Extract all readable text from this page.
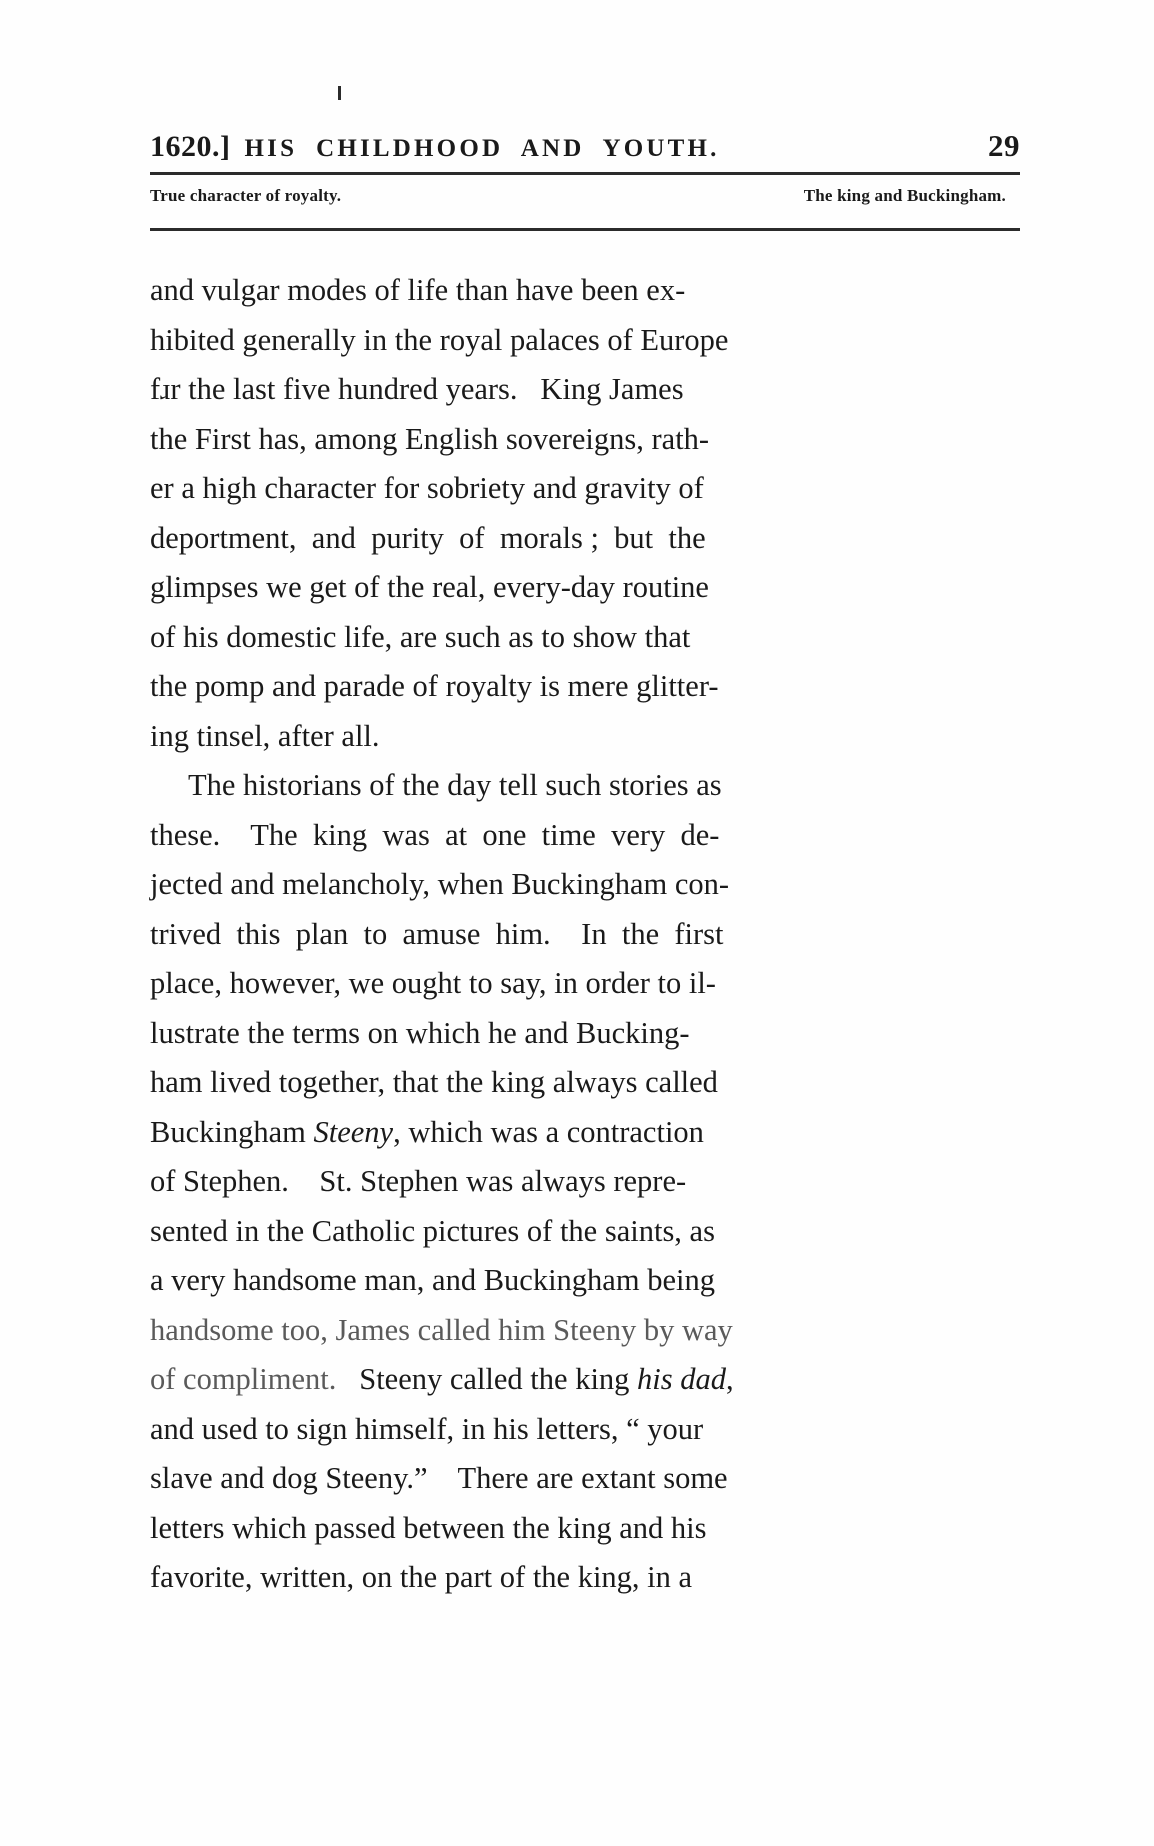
1620.] HIS  CHILDHOOD  AND  YOUTH.	29
True character of royalty.	The king and Buckingham.
and vulgar modes of life than have been ex-
hibited generally in the royal palaces of Europe
fɹr the last five hundred years.   King James
the First has, among English sovereigns, rath-
er a high character for sobriety and gravity of
deportment,  and  purity  of  morals ;  but  the
glimpses we get of the real, every-day routine
of his domestic life, are such as to show that
the pomp and parade of royalty is mere glitter-
ing tinsel, after all.
The historians of the day tell such stories as
these.    The  king  was  at  one  time  very  de-
jected and melancholy, when Buckingham con-
trived  this  plan  to  amuse  him.    In  the  first
place, however, we ought to say, in order to il-
lustrate the terms on which he and Bucking-
ham lived together, that the king always called
Buckingham Steeny, which was a contraction
of Stephen.    St. Stephen was always repre-
sented in the Catholic pictures of the saints, as
a very handsome man, and Buckingham being
handsome too, James called him Steeny by way
of compliment.   Steeny called the king his dad,
and used to sign himself, in his letters, “ your
slave and dog Steeny.”    There are extant some
letters which passed between the king and his
favorite, written, on the part of the king, in a
